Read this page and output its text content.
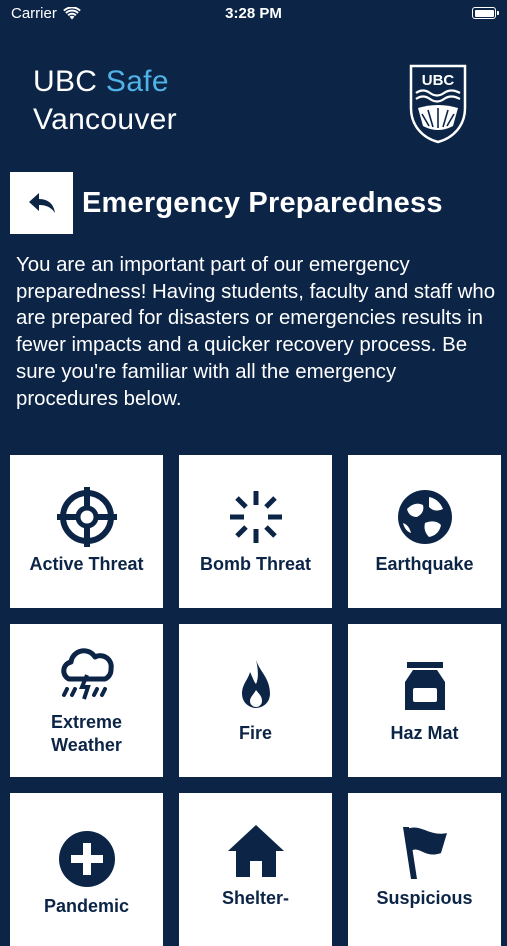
Carrier	3:28 PM
UBC Safe
Vancouver
UBC
Emergency Preparedness
You are an important part of our emergency preparedness! Having students, faculty and staff who are prepared for disasters or emergencies results in fewer impacts and a quicker recovery process. Be sure you're familiar with all the emergency procedures below.
Active Threat	Bomb Threat	Earthquake
Extreme Weather
Fire	Haz Mat
Pandemic	Shelter-	Suspicious
